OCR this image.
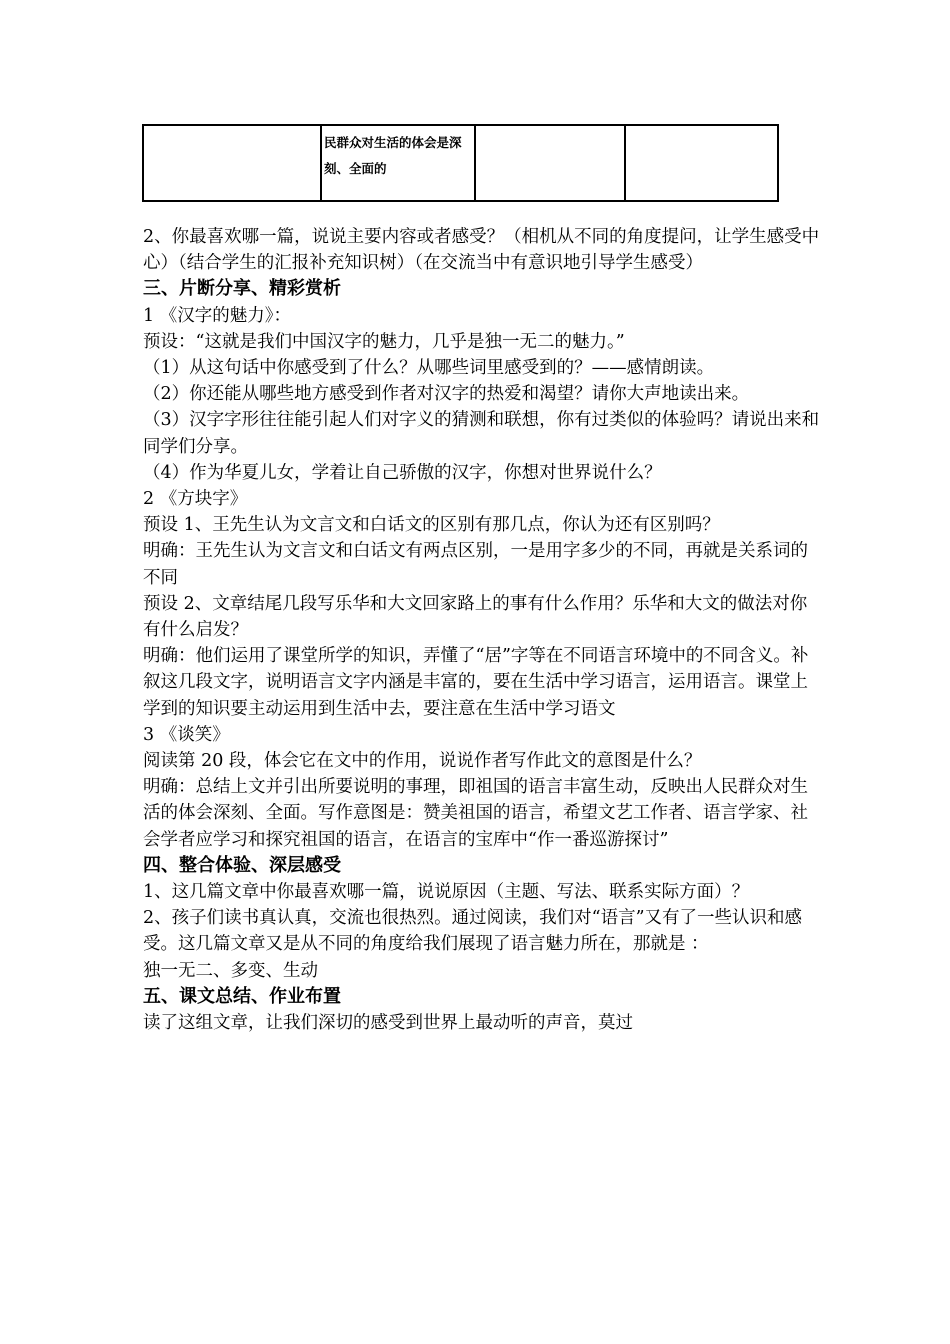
	民群众对生活的体会是深刻、全面的		

2、你最喜欢哪一篇，说说主要内容或者感受？（相机从不同的角度提问，让学生感受中心）（结合学生的汇报补充知识树）（在交流当中有意识地引导学生感受）

三、片断分享、精彩赏析

1 《汉字的魅力》：

预设：“这就是我们中国汉字的魅力，几乎是独一无二的魅力。”

（1）从这句话中你感受到了什么？从哪些词里感受到的？——感情朗读。

（2）你还能从哪些地方感受到作者对汉字的热爱和渴望？请你大声地读出来。

（3）汉字字形往往能引起人们对字义的猜测和联想，你有过类似的体验吗？请说出来和同学们分享。

（4）作为华夏儿女，学着让自己骄傲的汉字，你想对世界说什么？

2 《方块字》

预设 1、王先生认为文言文和白话文的区别有那几点，你认为还有区别吗？

明确：王先生认为文言文和白话文有两点区别，一是用字多少的不同，再就是关系词的不同

预设 2、文章结尾几段写乐华和大文回家路上的事有什么作用？乐华和大文的做法对你有什么启发？

明确：他们运用了课堂所学的知识，弄懂了“居”字等在不同语言环境中的不同含义。补叙这几段文字，说明语言文字内涵是丰富的，要在生活中学习语言，运用语言。课堂上学到的知识要主动运用到生活中去，要注意在生活中学习语文

3 《谈笑》

阅读第 20 段，体会它在文中的作用，说说作者写作此文的意图是什么？

明确：总结上文并引出所要说明的事理，即祖国的语言丰富生动，反映出人民群众对生活的体会深刻、全面。写作意图是：赞美祖国的语言，希望文艺工作者、语言学家、社会学者应学习和探究祖国的语言，在语言的宝库中“作一番巡游探讨”

四、整合体验、深层感受

1、这几篇文章中你最喜欢哪一篇，说说原因（主题、写法、联系实际方面）？

2、孩子们读书真认真，交流也很热烈。通过阅读，我们对“语言”又有了一些认识和感受。这几篇文章又是从不同的角度给我们展现了语言魅力所在，那就是 ：

独一无二、多变、生动

五、课文总结、作业布置

读了这组文章，让我们深切的感受到世界上最动听的声音，莫过
